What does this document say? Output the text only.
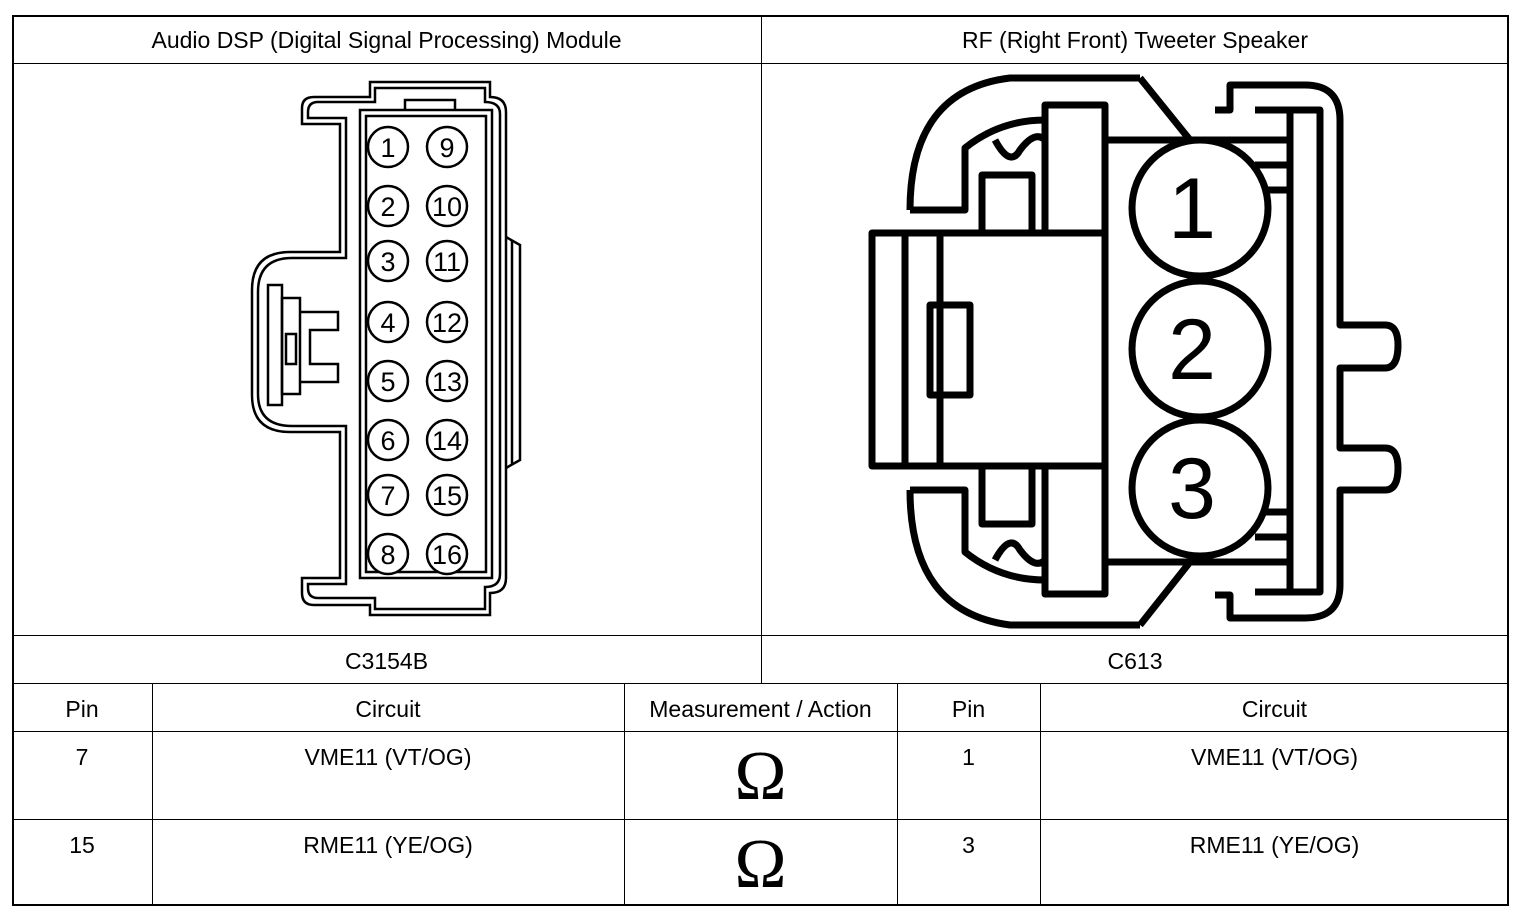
Audio DSP (Digital Signal Processing) Module	RF (Right Front) Tweeter Speaker
1
2
3
4
5
6
7
8
9
10
11
12
13
14
15
16
1
2
3
C3154B	C613
Pin	Circuit	Measurement / Action	Pin	Circuit
7	VME11 (VT/OG)	Ω	1	VME11 (VT/OG)
15	RME11 (YE/OG)	Ω	3	RME11 (YE/OG)
